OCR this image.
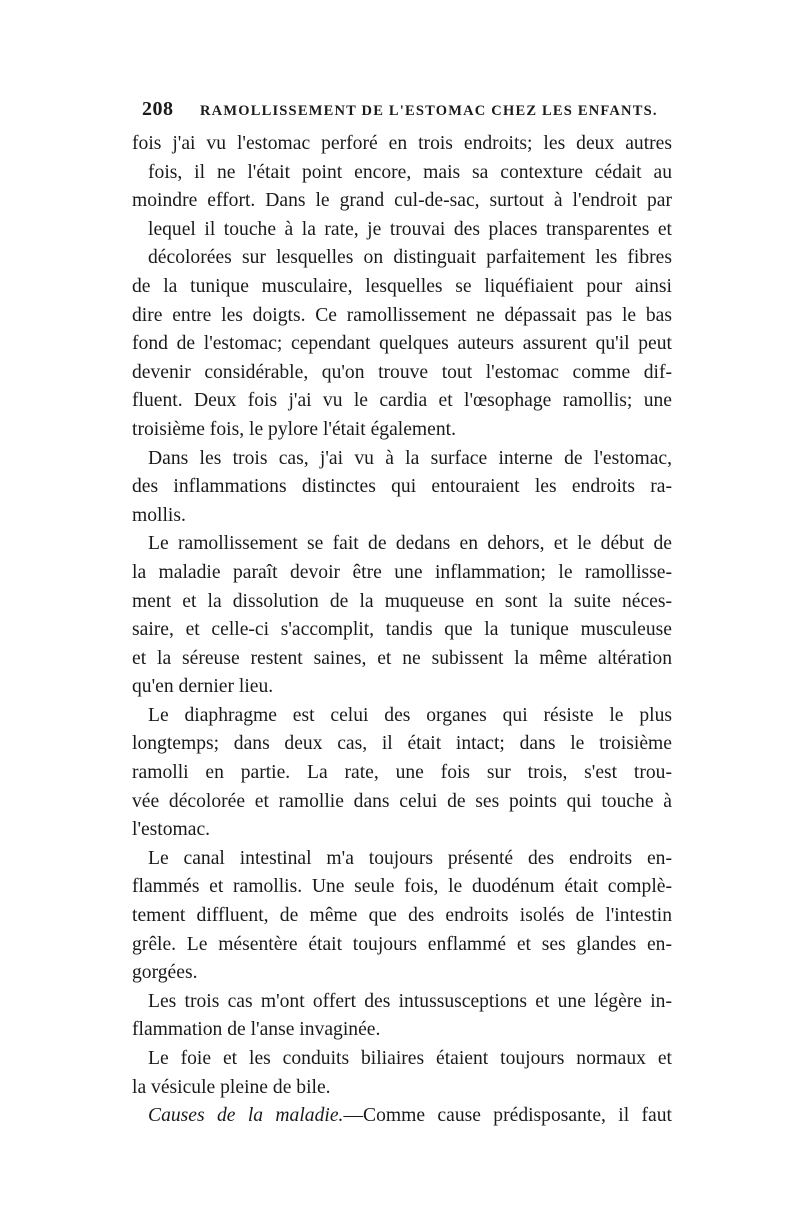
208 RAMOLLISSEMENT DE L'ESTOMAC CHEZ LES ENFANTS.
fois j'ai vu l'estomac perforé en trois endroits; les deux autres
fois, il ne l'était point encore, mais sa contexture cédait au
moindre effort. Dans le grand cul-de-sac, surtout à l'endroit par
lequel il touche à la rate, je trouvai des places transparentes et
décolorées sur lesquelles on distinguait parfaitement les fibres
de la tunique musculaire, lesquelles se liquéfiaient pour ainsi
dire entre les doigts. Ce ramollissement ne dépassait pas le bas
fond de l'estomac; cependant quelques auteurs assurent qu'il peut
devenir considérable, qu'on trouve tout l'estomac comme dif-
fluent. Deux fois j'ai vu le cardia et l'œsophage ramollis; une
troisième fois, le pylore l'était également.
Dans les trois cas, j'ai vu à la surface interne de l'estomac,
des inflammations distinctes qui entouraient les endroits ra-
mollis.
Le ramollissement se fait de dedans en dehors, et le début de
la maladie paraît devoir être une inflammation; le ramollisse-
ment et la dissolution de la muqueuse en sont la suite néces-
saire, et celle-ci s'accomplit, tandis que la tunique musculeuse
et la séreuse restent saines, et ne subissent la même altération
qu'en dernier lieu.
Le diaphragme est celui des organes qui résiste le plus
longtemps; dans deux cas, il était intact; dans le troisième
ramolli en partie. La rate, une fois sur trois, s'est trou-
vée décolorée et ramollie dans celui de ses points qui touche à
l'estomac.
Le canal intestinal m'a toujours présenté des endroits en-
flammés et ramollis. Une seule fois, le duodénum était complè-
tement diffluent, de même que des endroits isolés de l'intestin
grêle. Le mésentère était toujours enflammé et ses glandes en-
gorgées.
Les trois cas m'ont offert des intussusceptions et une légère in-
flammation de l'anse invaginée.
Le foie et les conduits biliaires étaient toujours normaux et
la vésicule pleine de bile.
Causes de la maladie.—Comme cause prédisposante, il faut
